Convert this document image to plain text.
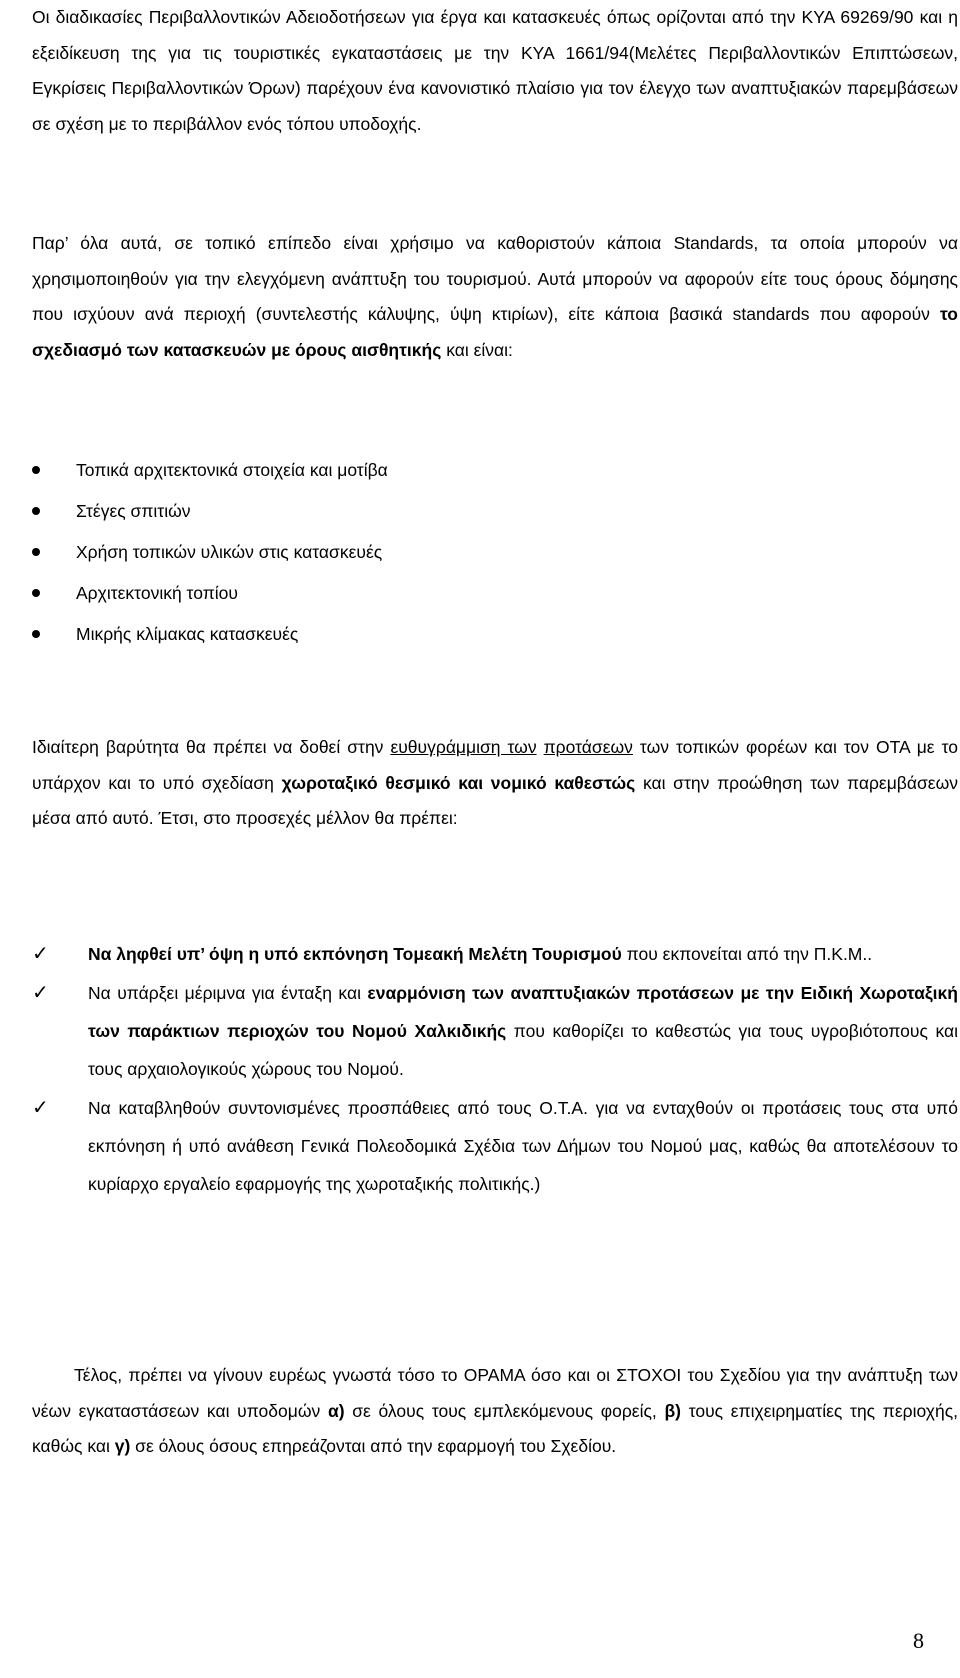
Οι διαδικασίες Περιβαλλοντικών Αδειοδοτήσεων για έργα και κατασκευές όπως ορίζονται από την ΚΥΑ 69269/90 και η εξειδίκευση της για τις τουριστικές εγκαταστάσεις με την ΚΥΑ 1661/94(Μελέτες Περιβαλλοντικών Επιπτώσεων, Εγκρίσεις Περιβαλλοντικών Όρων) παρέχουν ένα κανονιστικό πλαίσιο για τον έλεγχο των αναπτυξιακών παρεμβάσεων σε σχέση με το περιβάλλον ενός τόπου υποδοχής.

Παρ’ όλα αυτά, σε τοπικό επίπεδο είναι χρήσιμο να καθοριστούν κάποια Standards, τα οποία μπορούν να χρησιμοποιηθούν για την ελεγχόμενη ανάπτυξη του τουρισμού. Αυτά μπορούν να αφορούν είτε τους όρους δόμησης που ισχύουν ανά περιοχή (συντελεστής κάλυψης, ύψη κτιρίων), είτε κάποια βασικά standards που αφορούν το σχεδιασμό των κατασκευών με όρους αισθητικής και είναι:

Τοπικά αρχιτεκτονικά στοιχεία και μοτίβα
Στέγες σπιτιών
Χρήση τοπικών υλικών στις κατασκευές
Αρχιτεκτονική τοπίου
Μικρής κλίμακας κατασκευές

Ιδιαίτερη βαρύτητα θα πρέπει να δοθεί στην ευθυγράμμιση των προτάσεων των τοπικών φορέων και τον ΟΤΑ με το υπάρχον και το υπό σχεδίαση χωροταξικό θεσμικό και νομικό καθεστώς και στην προώθηση των παρεμβάσεων μέσα από αυτό. Έτσι, στο προσεχές μέλλον θα πρέπει:

✓	Να ληφθεί υπ’ όψη η υπό εκπόνηση Τομεακή Μελέτη Τουρισμού που εκπονείται από την Π.Κ.Μ..

✓	Να υπάρξει μέριμνα για ένταξη και εναρμόνιση των αναπτυξιακών προτάσεων με την Ειδική Χωροταξική των παράκτιων περιοχών του Νομού Χαλκιδικής που καθορίζει το καθεστώς για τους υγροβιότοπους και τους αρχαιολογικούς χώρους του Νομού.

✓	Να καταβληθούν συντονισμένες προσπάθειες από τους Ο.Τ.Α. για να ενταχθούν οι προτάσεις τους στα υπό εκπόνηση ή υπό ανάθεση Γενικά Πολεοδομικά Σχέδια των Δήμων του Νομού μας, καθώς θα αποτελέσουν το κυρίαρχο εργαλείο εφαρμογής της χωροταξικής πολιτικής.)

Τέλος, πρέπει να γίνουν ευρέως γνωστά τόσο το ΟΡΑΜΑ όσο και οι ΣΤΟΧΟΙ του Σχεδίου για την ανάπτυξη των νέων εγκαταστάσεων και υποδομών α) σε όλους τους εμπλεκόμενους φορείς, β) τους επιχειρηματίες της περιοχής, καθώς και γ) σε όλους όσους επηρεάζονται από την εφαρμογή του Σχεδίου.

8
